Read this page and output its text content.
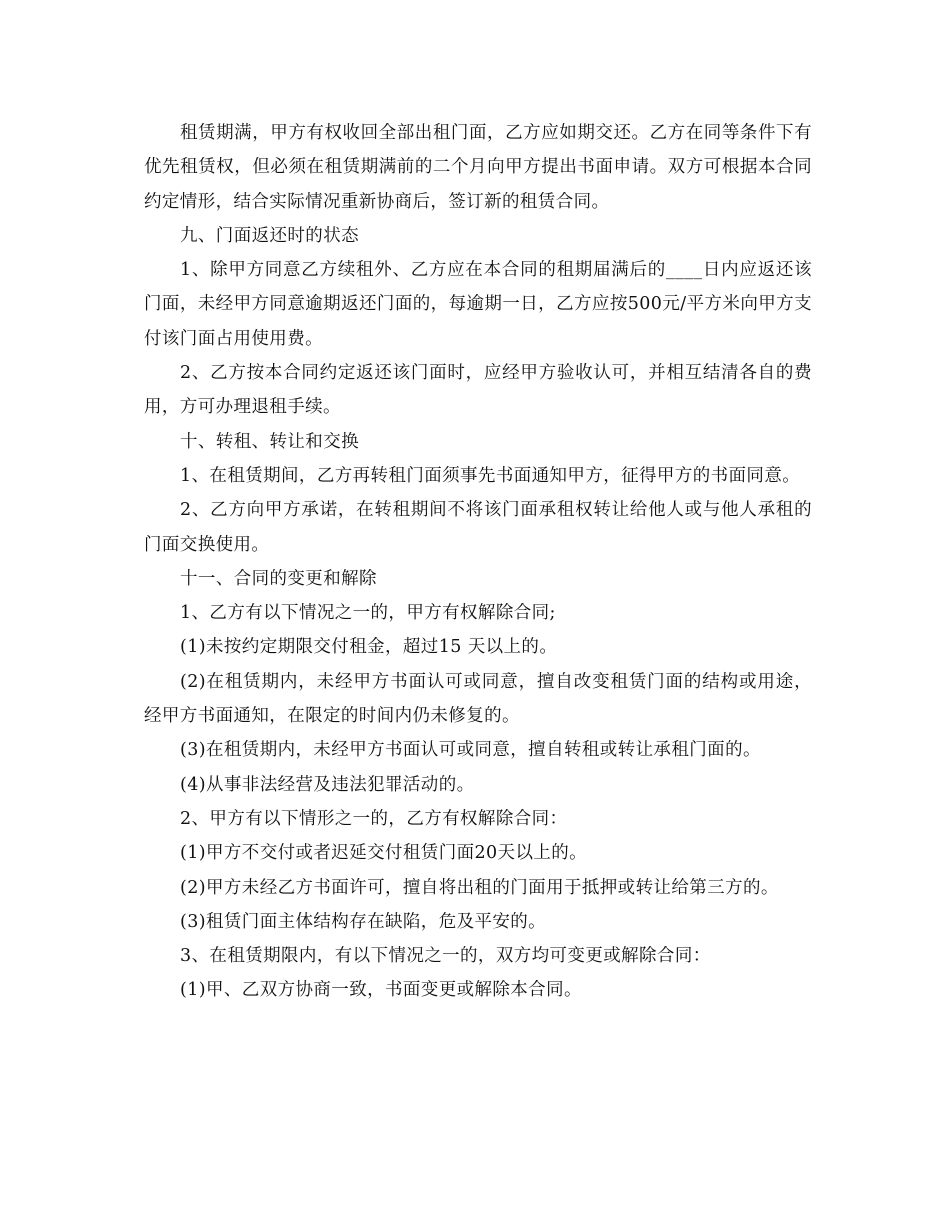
租赁期满，甲方有权收回全部出租门面，乙方应如期交还。乙方在同等条件下有优先租赁权，但必须在租赁期满前的二个月向甲方提出书面申请。双方可根据本合同约定情形，结合实际情况重新协商后，签订新的租赁合同。

九、门面返还时的状态

1、除甲方同意乙方续租外、乙方应在本合同的租期届满后的____日内应返还该门面，未经甲方同意逾期返还门面的，每逾期一日，乙方应按500元/平方米向甲方支付该门面占用使用费。

2、乙方按本合同约定返还该门面时，应经甲方验收认可，并相互结清各自的费用，方可办理退租手续。

十、转租、转让和交换

1、在租赁期间，乙方再转租门面须事先书面通知甲方，征得甲方的书面同意。

2、乙方向甲方承诺，在转租期间不将该门面承租权转让给他人或与他人承租的门面交换使用。

十一、合同的变更和解除

1、乙方有以下情况之一的，甲方有权解除合同;

(1)未按约定期限交付租金，超过15 天以上的。

(2)在租赁期内，未经甲方书面认可或同意，擅自改变租赁门面的结构或用途，经甲方书面通知，在限定的时间内仍未修复的。

(3)在租赁期内，未经甲方书面认可或同意，擅自转租或转让承租门面的。

(4)从事非法经营及违法犯罪活动的。

2、甲方有以下情形之一的，乙方有权解除合同：

(1)甲方不交付或者迟延交付租赁门面20天以上的。

(2)甲方未经乙方书面许可，擅自将出租的门面用于抵押或转让给第三方的。

(3)租赁门面主体结构存在缺陷，危及平安的。

3、在租赁期限内，有以下情况之一的，双方均可变更或解除合同：

(1)甲、乙双方协商一致，书面变更或解除本合同。
